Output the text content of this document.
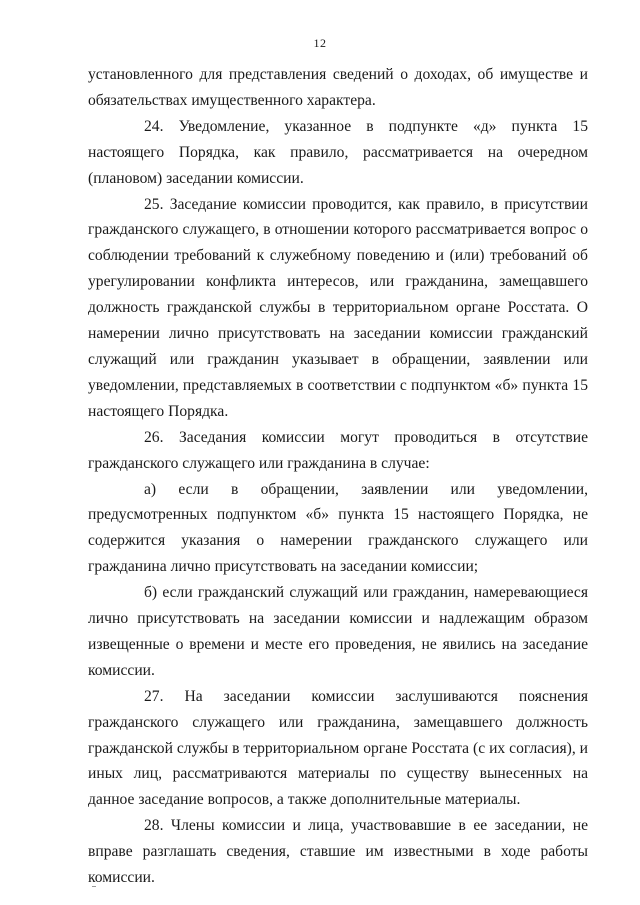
12

установленного для представления сведений о доходах, об имуществе и обязательствах имущественного характера.

24. Уведомление, указанное в подпункте «д» пункта 15 настоящего Порядка, как правило, рассматривается на очередном (плановом) заседании комиссии.

25. Заседание комиссии проводится, как правило, в присутствии гражданского служащего, в отношении которого рассматривается вопрос о соблюдении требований к служебному поведению и (или) требований об урегулировании конфликта интересов, или гражданина, замещавшего должность гражданской службы в территориальном органе Росстата. О намерении лично присутствовать на заседании комиссии гражданский служащий или гражданин указывает в обращении, заявлении или уведомлении, представляемых в соответствии с подпунктом «б» пункта 15 настоящего Порядка.

26. Заседания комиссии могут проводиться в отсутствие гражданского служащего или гражданина в случае:

а) если в обращении, заявлении или уведомлении, предусмотренных подпунктом «б» пункта 15 настоящего Порядка, не содержится указания о намерении гражданского служащего или гражданина лично присутствовать на заседании комиссии;

б) если гражданский служащий или гражданин, намеревающиеся лично присутствовать на заседании комиссии и надлежащим образом извещенные о времени и месте его проведения, не явились на заседание комиссии.

27. На заседании комиссии заслушиваются пояснения гражданского служащего или гражданина, замещавшего должность гражданской службы в территориальном органе Росстата (с их согласия), и иных лиц, рассматриваются материалы по существу вынесенных на данное заседание вопросов, а также дополнительные материалы.

28. Члены комиссии и лица, участвовавшие в ее заседании, не вправе разглашать сведения, ставшие им известными в ходе работы комиссии.
